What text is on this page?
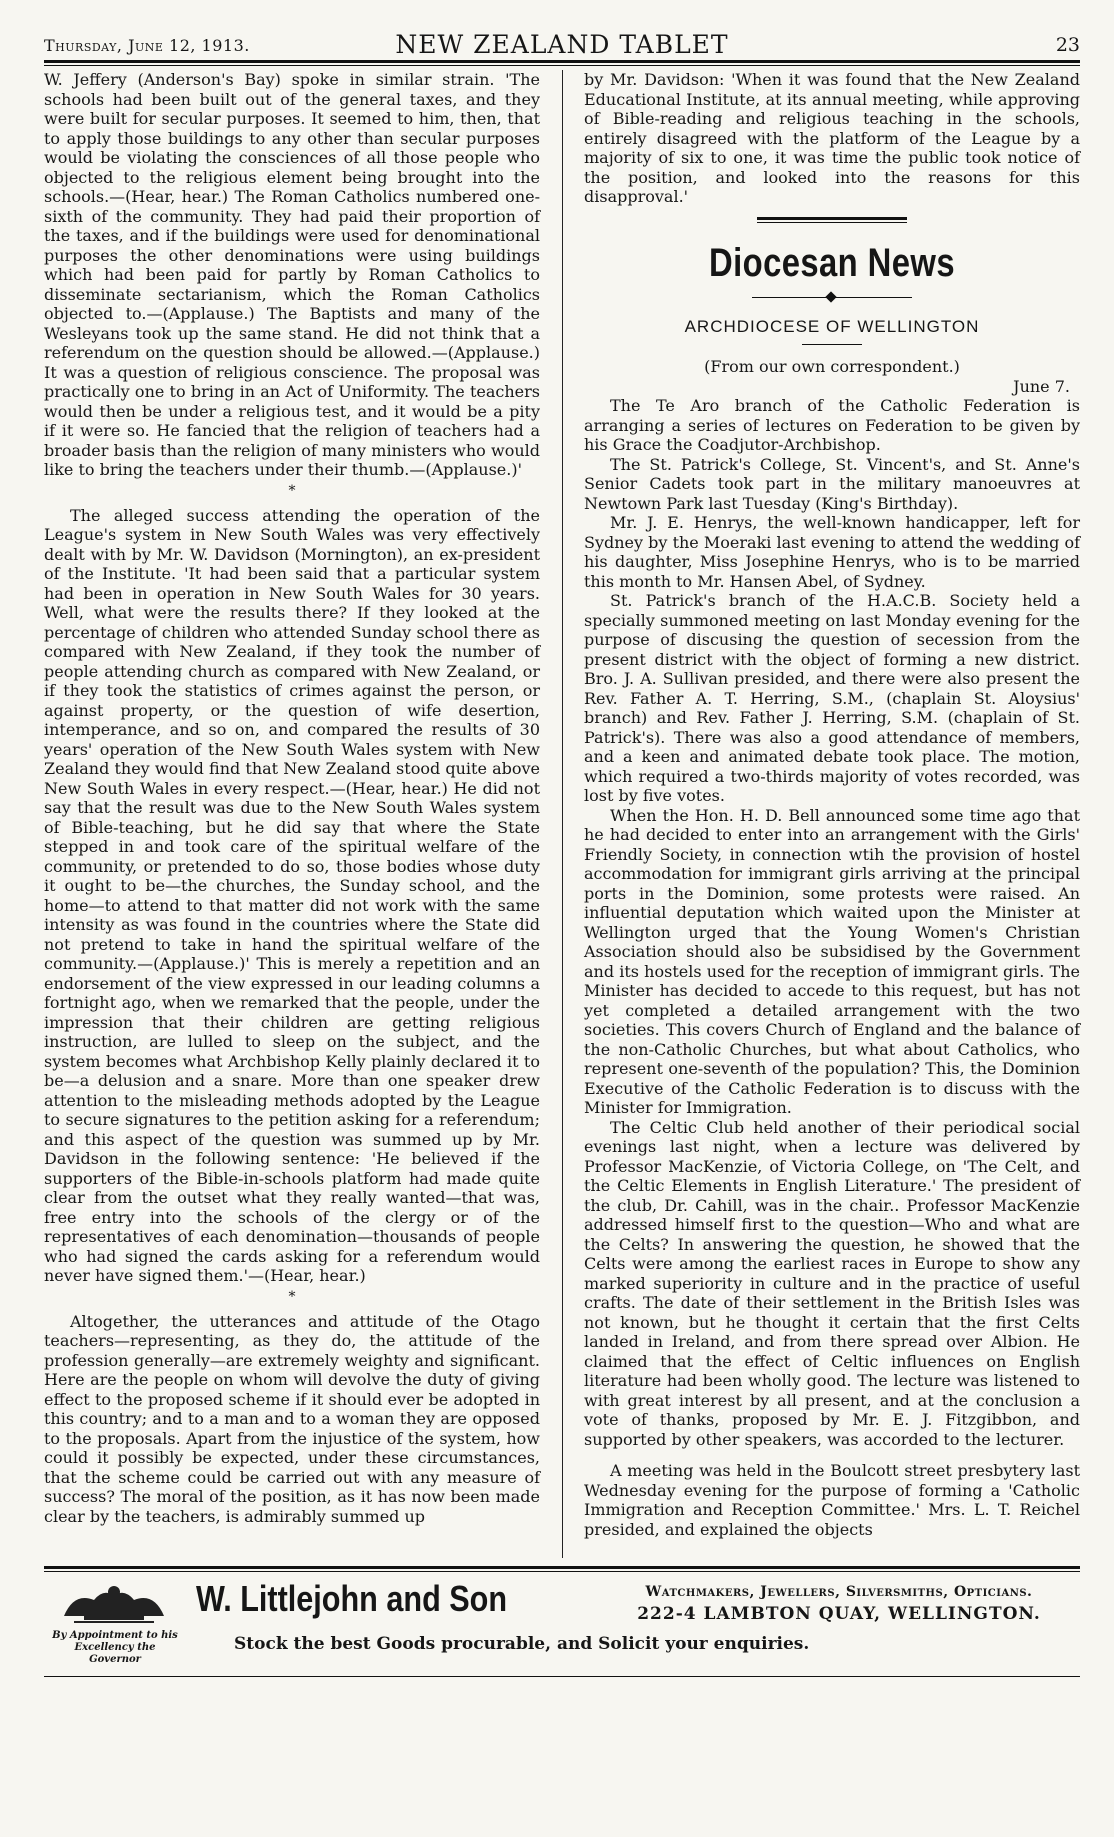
Thursday, June 12, 1913.	NEW ZEALAND TABLET	23

W. Jeffery (Anderson's Bay) spoke in similar strain. 'The schools had been built out of the general taxes, and they were built for secular purposes. It seemed to him, then, that to apply those buildings to any other than secular purposes would be violating the consciences of all those people who objected to the religious element being brought into the schools.—(Hear, hear.) The Roman Catholics numbered one-sixth of the community. They had paid their proportion of the taxes, and if the buildings were used for denominational purposes the other denominations were using buildings which had been paid for partly by Roman Catholics to disseminate sectarianism, which the Roman Catholics objected to.—(Applause.) The Baptists and many of the Wesleyans took up the same stand. He did not think that a referendum on the question should be allowed.—(Applause.) It was a question of religious conscience. The proposal was practically one to bring in an Act of Uniformity. The teachers would then be under a religious test, and it would be a pity if it were so. He fancied that the religion of teachers had a broader basis than the religion of many ministers who would like to bring the teachers under their thumb.—(Applause.)'

*

The alleged success attending the operation of the League's system in New South Wales was very effectively dealt with by Mr. W. Davidson (Mornington), an ex-president of the Institute. 'It had been said that a particular system had been in operation in New South Wales for 30 years. Well, what were the results there? If they looked at the percentage of children who attended Sunday school there as compared with New Zealand, if they took the number of people attending church as compared with New Zealand, or if they took the statistics of crimes against the person, or against property, or the question of wife desertion, intemperance, and so on, and compared the results of 30 years' operation of the New South Wales system with New Zealand they would find that New Zealand stood quite above New South Wales in every respect.—(Hear, hear.) He did not say that the result was due to the New South Wales system of Bible-teaching, but he did say that where the State stepped in and took care of the spiritual welfare of the community, or pretended to do so, those bodies whose duty it ought to be—the churches, the Sunday school, and the home—to attend to that matter did not work with the same intensity as was found in the countries where the State did not pretend to take in hand the spiritual welfare of the community.—(Applause.)' This is merely a repetition and an endorsement of the view expressed in our leading columns a fortnight ago, when we remarked that the people, under the impression that their children are getting religious instruction, are lulled to sleep on the subject, and the system becomes what Archbishop Kelly plainly declared it to be—a delusion and a snare. More than one speaker drew attention to the misleading methods adopted by the League to secure signatures to the petition asking for a referendum; and this aspect of the question was summed up by Mr. Davidson in the following sentence: 'He believed if the supporters of the Bible-in-schools platform had made quite clear from the outset what they really wanted—that was, free entry into the schools of the clergy or of the representatives of each denomination—thousands of people who had signed the cards asking for a referendum would never have signed them.'—(Hear, hear.)

*

Altogether, the utterances and attitude of the Otago teachers—representing, as they do, the attitude of the profession generally—are extremely weighty and significant. Here are the people on whom will devolve the duty of giving effect to the proposed scheme if it should ever be adopted in this country; and to a man and to a woman they are opposed to the proposals. Apart from the injustice of the system, how could it possibly be expected, under these circumstances, that the scheme could be carried out with any measure of success? The moral of the position, as it has now been made clear by the teachers, is admirably summed up

by Mr. Davidson: 'When it was found that the New Zealand Educational Institute, at its annual meeting, while approving of Bible-reading and religious teaching in the schools, entirely disagreed with the platform of the League by a majority of six to one, it was time the public took notice of the position, and looked into the reasons for this disapproval.'

Diocesan News
ARCHDIOCESE OF WELLINGTON
(From our own correspondent.)
June 7.

The Te Aro branch of the Catholic Federation is arranging a series of lectures on Federation to be given by his Grace the Coadjutor-Archbishop.

The St. Patrick's College, St. Vincent's, and St. Anne's Senior Cadets took part in the military manoeuvres at Newtown Park last Tuesday (King's Birthday).

Mr. J. E. Henrys, the well-known handicapper, left for Sydney by the Moeraki last evening to attend the wedding of his daughter, Miss Josephine Henrys, who is to be married this month to Mr. Hansen Abel, of Sydney.

St. Patrick's branch of the H.A.C.B. Society held a specially summoned meeting on last Monday evening for the purpose of discusing the question of secession from the present district with the object of forming a new district. Bro. J. A. Sullivan presided, and there were also present the Rev. Father A. T. Herring, S.M., (chaplain St. Aloysius' branch) and Rev. Father J. Herring, S.M. (chaplain of St. Patrick's). There was also a good attendance of members, and a keen and animated debate took place. The motion, which required a two-thirds majority of votes recorded, was lost by five votes.

When the Hon. H. D. Bell announced some time ago that he had decided to enter into an arrangement with the Girls' Friendly Society, in connection wtih the provision of hostel accommodation for immigrant girls arriving at the principal ports in the Dominion, some protests were raised. An influential deputation which waited upon the Minister at Wellington urged that the Young Women's Christian Association should also be subsidised by the Government and its hostels used for the reception of immigrant girls. The Minister has decided to accede to this request, but has not yet completed a detailed arrangement with the two societies. This covers Church of England and the balance of the non-Catholic Churches, but what about Catholics, who represent one-seventh of the population? This, the Dominion Executive of the Catholic Federation is to discuss with the Minister for Immigration.

The Celtic Club held another of their periodical social evenings last night, when a lecture was delivered by Professor MacKenzie, of Victoria College, on 'The Celt, and the Celtic Elements in English Literature.' The president of the club, Dr. Cahill, was in the chair.. Professor MacKenzie addressed himself first to the question—Who and what are the Celts? In answering the question, he showed that the Celts were among the earliest races in Europe to show any marked superiority in culture and in the practice of useful crafts. The date of their settlement in the British Isles was not known, but he thought it certain that the first Celts landed in Ireland, and from there spread over Albion. He claimed that the effect of Celtic influences on English literature had been wholly good. The lecture was listened to with great interest by all present, and at the conclusion a vote of thanks, proposed by Mr. E. J. Fitzgibbon, and supported by other speakers, was accorded to the lecturer.

A meeting was held in the Boulcott street presbytery last Wednesday evening for the purpose of forming a 'Catholic Immigration and Reception Committee.' Mrs. L. T. Reichel presided, and explained the objects

By Appointment to his Excellency the Governor
W. Littlejohn and Son	Watchmakers, Jewellers, Silversmiths, Opticians.
222-4 LAMBTON QUAY, WELLINGTON.
Stock the best Goods procurable, and Solicit your enquiries.
